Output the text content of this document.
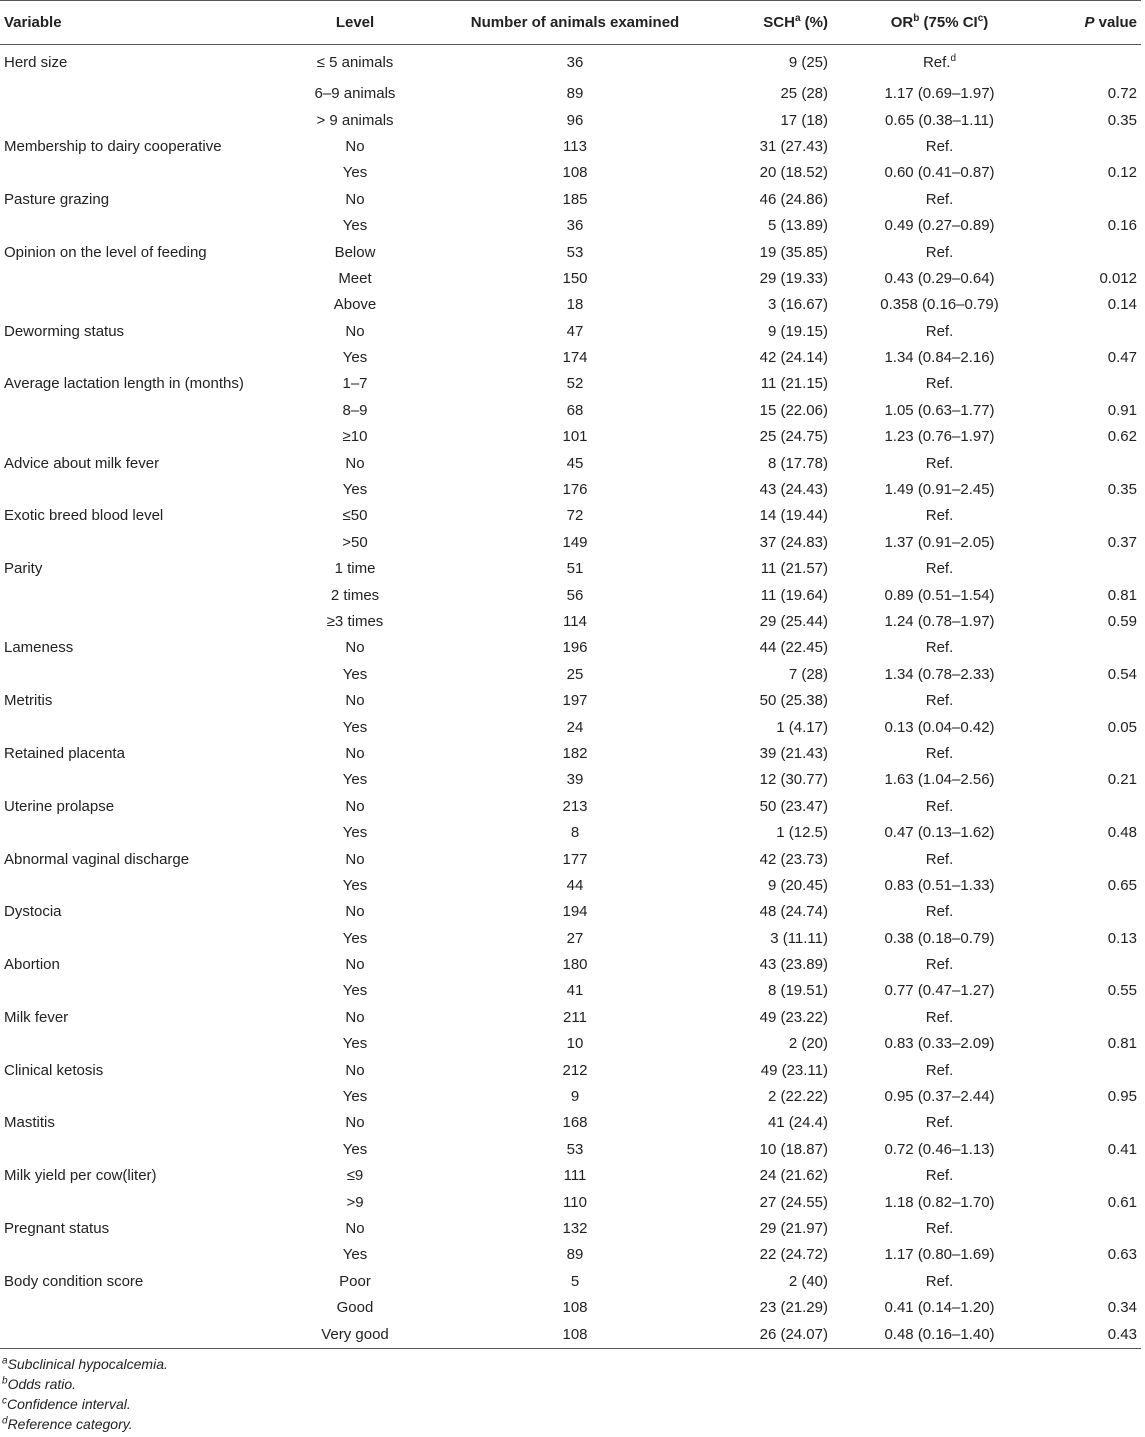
Variable	Level	Number of animals examined	SCH$^a$ (%)	$OR^b$ (75% $CI^c$)	P value
Herd size	≤ 5 animals	36	9 (25)	Ref.$^d$	
	6–9 animals	89	25 (28)	1.17 (0.69–1.97)	0.72
	> 9 animals	96	17 (18)	0.65 (0.38–1.11)	0.35
Membership to dairy cooperative	No	113	31 (27.43)	Ref.	
	Yes	108	20 (18.52)	0.60 (0.41–0.87)	0.12
Pasture grazing	No	185	46 (24.86)	Ref.	
	Yes	36	5 (13.89)	0.49 (0.27–0.89)	0.16
Opinion on the level of feeding	Below	53	19 (35.85)	Ref.	
	Meet	150	29 (19.33)	0.43 (0.29–0.64)	0.012
	Above	18	3 (16.67)	0.358 (0.16–0.79)	0.14
Deworming status	No	47	9 (19.15)	Ref.	
	Yes	174	42 (24.14)	1.34 (0.84–2.16)	0.47
Average lactation length in (months)	1–7	52	11 (21.15)	Ref.	
	8–9	68	15 (22.06)	1.05 (0.63–1.77)	0.91
	≥10	101	25 (24.75)	1.23 (0.76–1.97)	0.62
Advice about milk fever	No	45	8 (17.78)	Ref.	
	Yes	176	43 (24.43)	1.49 (0.91–2.45)	0.35
Exotic breed blood level	≤50	72	14 (19.44)	Ref.	
	>50	149	37 (24.83)	1.37 (0.91–2.05)	0.37
Parity	1 time	51	11 (21.57)	Ref.	
	2 times	56	11 (19.64)	0.89 (0.51–1.54)	0.81
	≥3 times	114	29 (25.44)	1.24 (0.78–1.97)	0.59
Lameness	No	196	44 (22.45)	Ref.	
	Yes	25	7 (28)	1.34 (0.78–2.33)	0.54
Metritis	No	197	50 (25.38)	Ref.	
	Yes	24	1 (4.17)	0.13 (0.04–0.42)	0.05
Retained placenta	No	182	39 (21.43)	Ref.	
	Yes	39	12 (30.77)	1.63 (1.04–2.56)	0.21
Uterine prolapse	No	213	50 (23.47)	Ref.	
	Yes	8	1 (12.5)	0.47 (0.13–1.62)	0.48
Abnormal vaginal discharge	No	177	42 (23.73)	Ref.	
	Yes	44	9 (20.45)	0.83 (0.51–1.33)	0.65
Dystocia	No	194	48 (24.74)	Ref.	
	Yes	27	3 (11.11)	0.38 (0.18–0.79)	0.13
Abortion	No	180	43 (23.89)	Ref.	
	Yes	41	8 (19.51)	0.77 (0.47–1.27)	0.55
Milk fever	No	211	49 (23.22)	Ref.	
	Yes	10	2 (20)	0.83 (0.33–2.09)	0.81
Clinical ketosis	No	212	49 (23.11)	Ref.	
	Yes	9	2 (22.22)	0.95 (0.37–2.44)	0.95
Mastitis	No	168	41 (24.4)	Ref.	
	Yes	53	10 (18.87)	0.72 (0.46–1.13)	0.41
Milk yield per cow(liter)	≤9	111	24 (21.62)	Ref.	
	>9	110	27 (24.55)	1.18 (0.82–1.70)	0.61
Pregnant status	No	132	29 (21.97)	Ref.	
	Yes	89	22 (24.72)	1.17 (0.80–1.69)	0.63
Body condition score	Poor	5	2 (40)	Ref.	
	Good	108	23 (21.29)	0.41 (0.14–1.20)	0.34
	Very good	108	26 (24.07)	0.48 (0.16–1.40)	0.43
$^a$Subclinical hypocalcemia.
$^b$Odds ratio.
$^c$Confidence interval.
$^d$Reference category.
